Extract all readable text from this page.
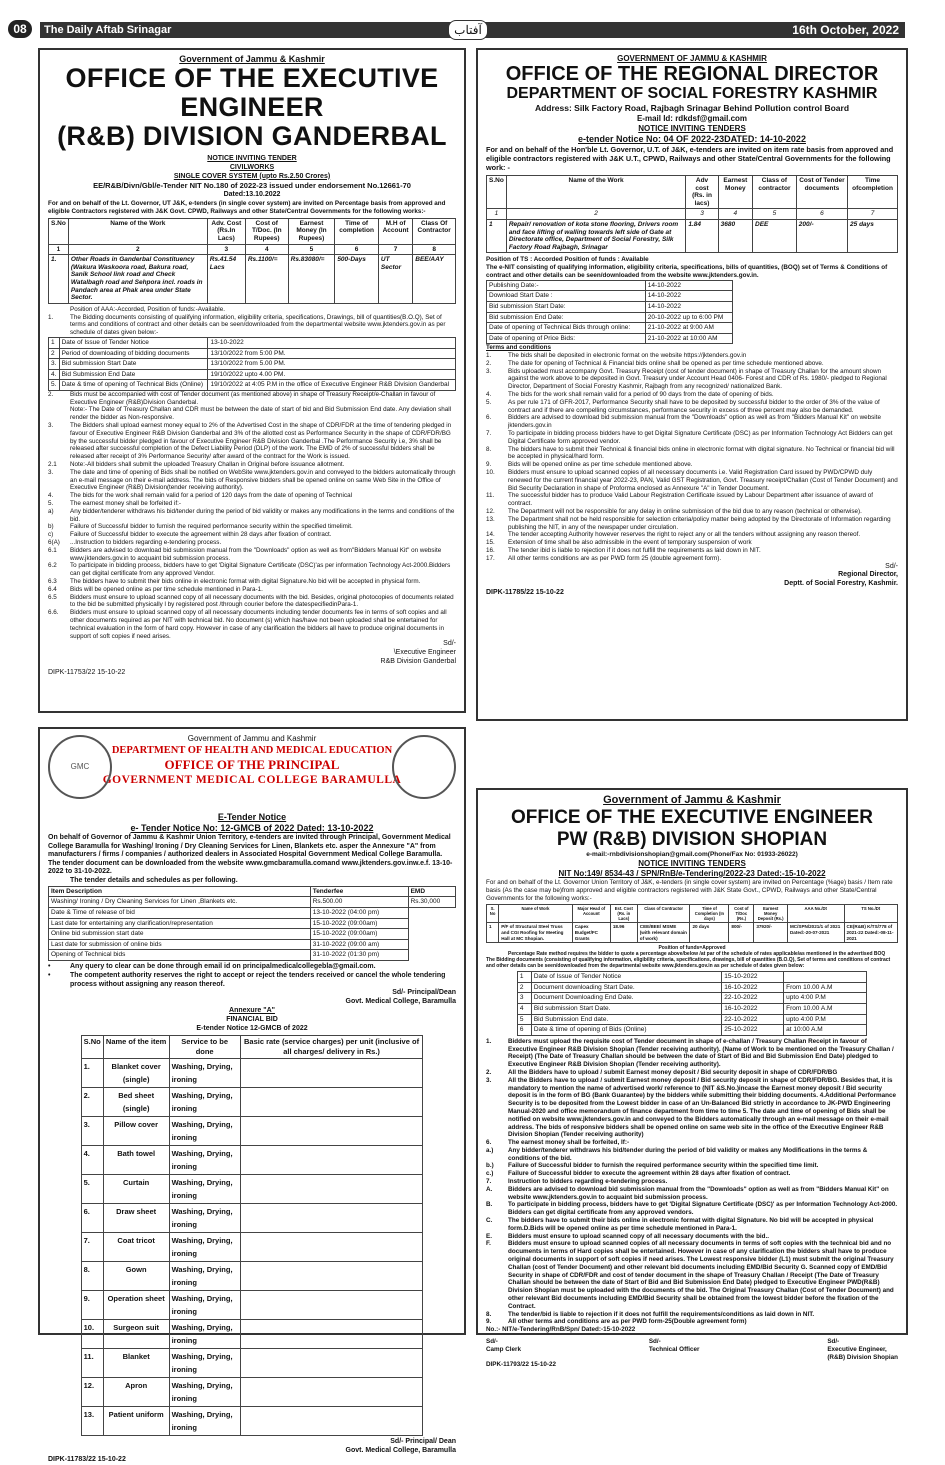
08	The Daily Aftab Srinagar	آفتاب	16th October, 2022
Government of Jammu & Kashmir
OFFICE OF THE EXECUTIVE ENGINEER
(R&B) DIVISION GANDERBAL
NOTICE INVITING TENDER
CIVILWORKS
SINGLE COVER SYSTEM (upto Rs.2.50 Crores)
EE/R&B/Divn/Gbl/e-Tender NIT No.180 of 2022-23 issued under endorsement No.12661-70
Dated:13.10.2022
For and on behalf of the Lt. Governor, UT J&K, e-tenders (in single cover system) are invited on Percentage basis from approved and eligible Contractors registered with J&K Govt. CPWD, Railways and other State/Central Governments for the following works:-
S.No	Name of the Work	Adv. Cost (Rs.In Lacs)	Cost of T/Doc. (In Rupees)	Earnest Money (In Rupees)	Time of completion	M.H of Account	Class Of Contractor
1	2	3	4	5	6	7	8
1.	Other Roads in Ganderbal Constituency (Wakura Waskoora road, Bakura road, Sanik School link road and Check Watalbagh road and Sehpora incl. roads in Pandach area at Phak area under State Sector.	Rs.41.54 Lacs	Rs.1100/=	Rs.83080/=	500-Days	UT Sector	BEE/AAY
Position of AAA:-Accorded, Position of funds:-Available.
1.	The Bidding documents consisting of qualifying information, eligibility criteria, specifications, Drawings, bill of quantities(B.O.Q), Set of terms and conditions of contract and other details can be seen/downloaded from the departmental website www.jktenders.gov.in as per schedule of dates given below:-
1	Date of Issue of Tender Notice	13-10-2022
2	Period of downloading of bidding documents	13/10/2022 from 5:00 PM.
3.	Bid submission Start Date	13/10/2022 from 5.00 PM.
4.	Bid Submission End Date	19/10/2022 upto 4.00 PM.
5.	Date & time of opening of Technical Bids (Online)	19/10/2022 at 4:05 P.M in the office of Executive Engineer R&B Division Ganderbal
2.	Bids must be accompanied with cost of Tender document (as mentioned above) in shape of Treasury Receipt/e-Challan in favour of Executive Engineer (R&B)Division Ganderbal.
Note:- The Date of Treasury Challan and CDR must be between the date of start of bid and Bid Submission End date. Any deviation shall render the bidder as Non-responsive.
3.	The Bidders shall upload earnest money equal to 2% of the Advertised Cost in the shape of CDR/FDR at the time of tendering pledged in favour of Executive Engineer R&B Division Ganderbal and 3% of the allotted cost as Performance Security in the shape of CDR/FDR/BG by the successful bidder pledged in favour of Executive Engineer R&B Division Ganderbal .The Performance Security i.e, 3% shall be released after successful completion of the Defect Liability Period (DLP) of the work. The EMD of 2% of successful bidders shall be released after receipt of 3% Performance Security/ after award of the contract for the Work is issued.
2.1	Note:-All bidders shall submit the uploaded Treasury Challan in Original before issuance allotment.
3.	The date and time of opening of Bids shall be notified on WebSite www.jktenders.gov.in and conveyed to the bidders automatically through an e-mail message on their e-mail address. The bids of Responsive bidders shall be opened online on same Web Site in the Office of Executive Engineer (R&B) Division(tender receiving authority).
4.	The bids for the work shall remain valid for a period of 120 days from the date of opening of Technical
5.	The earnest money shall be forfeited if:-
a)	Any bidder/tenderer withdraws his bid/tender during the period of bid validity or makes any modifications in the terms and conditions of the bid.
b)	Failure of Successful bidder to furnish the required performance security within the specified timelimit.
c)	Failure of Successful bidder to execute the agreement within 28 days after fixation of contract.
6(A)	...Instruction to bidders regarding e-tendering process.
6.1	Bidders are advised to download bid submission manual from the "Downloads" option as well as from"Bidders Manual Kit" on website www.jktenders.gov.in to acquaint bid submission process.
6.2	To participate in bidding process, bidders have to get 'Digital Signature Certificate (DSC)'as per information Technology Act-2000.Bidders can get digital certificate from any approved Vendor.
6.3	The bidders have to submit their bids online in electronic format with digital Signature.No bid will be accepted in physical form.
6.4	Bids will be opened online as per time schedule mentioned in Para-1.
6.5	Bidders must ensure to upload scanned copy of all necessary documents with the bid. Besides, original photocopies of documents related to the bid be submitted physically l by registered post /through courier before the datespecifiedinPara-1.
6.6.	Bidders must ensure to upload scanned copy of all necessary documents including tender documents fee in terms of soft copies and all other documents required as per NIT with technical bid. No document (s) which has/have not been uploaded shall be entertained for technical evaluation in the form of hard copy. However in case of any clarification the bidders all have to produce original documents in support of soft copies if need arises.
Sd/-
\Executive Engineer
R&B Division Ganderbal
DIPK-11753/22 15-10-22
GOVERNMENT OF JAMMU & KASHMIR
OFFICE OF THE REGIONAL DIRECTOR
DEPARTMENT OF SOCIAL FORESTRY KASHMIR
Address: Silk Factory Road, Rajbagh Srinagar Behind Pollution control Board
E-mail Id: rdkdsf@gmail.com
NOTICE INVITING TENDERS
e-tender Notice No: 04 OF 2022-23DATED: 14-10-2022
For and on behalf of the Hon'ble Lt. Governor, U.T. of J&K, e-tenders are invited on item rate basis from approved and eligible contractors registered with J&K U.T., CPWD, Railways and other State/Central Governments for the following work: -
S.No	Name of the Work	Adv cost (Rs. in lacs)	Earnest Money	Class of contractor	Cost of Tender documents	Time ofcompletion
1	2	3	4	5	6	7
1	Repair/ renovation of kota stone flooring, Drivers room and face lifting of walling towards left side of Gate at Directorate office, Department of Social Forestry, Silk Factory Road Rajbagh, Srinagar	1.84	3680	DEE	200/-	25 days
Position of TS : Accorded Position of funds : Available
The e-NIT consisting of qualifying information, eligibility criteria, specifications, bills of quantities, (BOQ) set of Terms & Conditions of contract and other details can be seen/downloaded from the website www.jktenders.gov.in.
Publishing Date:-	14-10-2022
Download Start Date :	14-10-2022
Bid submission Start Date:	14-10-2022
Bid submission End Date:	20-10-2022 up to 6:00 PM
Date of opening of Technical Bids through online:	21-10-2022 at 9:00 AM
Date of opening of Price Bids:	21-10-2022 at 10:00 AM
Terms and conditions
1.	The bids shall be deposited in electronic format on the website https://jktenders.gov.in
2.	The date for opening of Technical & Financial bids online shall be opened as per time schedule mentioned above.
3.	Bids uploaded must accompany Govt. Treasury Receipt (cost of tender document) in shape of Treasury Challan for the amount shown against the work above to be deposited in Govt. Treasury under Account Head 0406- Forest and CDR of Rs. 1980/- pledged to Regional Director, Department of Social Forestry Kashmir, Rajbagh from any recognized/ nationalized Bank.
4.	The bids for the work shall remain valid for a period of 90 days from the date of opening of bids.
5.	As per rule 171 of GFR-2017, Performance Security shall have to be deposited by successful bidder to the order of 3% of the value of contract and if there are compelling circumstances, performance security in excess of three percent may also be demanded.
6.	Bidders are advised to download bid submission manual from the "Downloads" option as well as from "Bidders Manual Kit" on website jktenders.gov.in
7.	To participate in bidding process bidders have to get Digital Signature Certificate (DSC) as per Information Technology Act Bidders can get Digital Certificate form approved vendor.
8.	The bidders have to submit their Technical & financial bids online in electronic format with digital signature. No Technical or financial bid will be accepted in physical/hard form.
9.	Bids will be opened online as per time schedule mentioned above.
10.	Bidders must ensure to upload scanned copies of all necessary documents i.e. Valid Registration Card issued by PWD/CPWD duly renewed for the current financial year 2022-23, PAN, Valid GST Registration, Govt. Treasury receipt/Challan (Cost of Tender Document) and Bid Security Declaration in shape of Proforma enclosed as Annexure "A" in Tender Document.
11.	The successful bidder has to produce Valid Labour Registration Certificate issued by Labour Department after issuance of award of contract.
12.	The Department will not be responsible for any delay in online submission of the bid due to any reason (technical or otherwise).
13.	The Department shall not be held responsible for selection criteria/policy matter being adopted by the Directorate of Information regarding publishing the NIT, in any of the newspaper under circulation.
14.	The tender accepting Authority however reserves the right to reject any or all the tenders without assigning any reason thereof.
15.	Extension of time shall be also admissible in the event of temporary suspension of work
16.	The tender ibid is liable to rejection if it does not fulfill the requirements as laid down in NIT.
17.	All other terms conditions are as per PWD form 25 (double agreement form).
Sd/-
Regional Director,
Deptt. of Social Forestry, Kashmir.
DIPK-11785/22 15-10-22
GMC
Government of Jammu and Kashmir
DEPARTMENT OF HEALTH AND MEDICAL EDUCATION
OFFICE OF THE PRINCIPAL
GOVERNMENT MEDICAL COLLEGE BARAMULLA
E-Tender Notice
e- Tender Notice No: 12-GMCB of 2022 Dated: 13-10-2022
On behalf of Governor of Jammu & Kashmir Union Territory, e-tenders are invited through Principal, Government Medical College Baramulla for Washing/ Ironing / Dry Cleaning Services for Linen, Blankets etc. asper the Annexure "A" from manufacturers / firms / companies / authorized dealers in Associated Hospital Government Medical College Baramulla. The tender document can be downloaded from the website www.gmcbaramulla.comand www.jktenders.gov.inw.e.f. 13-10-2022 to 31-10-2022.
The tender details and schedules as per following.
Item Description	Tenderfee	EMD
Washing/ Ironing / Dry Cleaning Services for Linen ,Blankets etc.	Rs.500.00	Rs.30,000
Date & Time of release of bid	13-10-2022 (04:00 pm)	
Last date for entertaining any clarification/representation	15-10-2022 (09:00am)	
Online bid submission start date	15-10-2022 (09:00am)	
Last date for submission of online bids	31-10-2022 (09:00 am)	
Opening of Technical bids	31-10-2022 (01:30 pm)	
•	Any query to clear can be done through email id on principalmedicalcollegebla@gmail.com.
•	The competent authority reserves the right to accept or reject the tenders received or cancel the whole tendering process without assigning any reason thereof.
Sd/- Principal/Dean
Govt. Medical College, Baramulla
Annexure "A"
FINANCIAL BID
E-tender Notice 12-GMCB of 2022
S.No	Name of the item	Service to be done	Basic rate (service charges) per unit (inclusive of all charges/ delivery in Rs.)
1.	Blanket cover (single)	Washing, Drying, ironing	
2.	Bed sheet (single)	Washing, Drying, ironing	
3.	Pillow cover	Washing, Drying, ironing	
4.	Bath towel	Washing, Drying, ironing	
5.	Curtain	Washing, Drying, ironing	
6.	Draw sheet	Washing, Drying, ironing	
7.	Coat tricot	Washing, Drying, ironing	
8.	Gown	Washing, Drying, ironing	
9.	Operation sheet	Washing, Drying, ironing	
10.	Surgeon suit	Washing, Drying, ironing	
11.	Blanket	Washing, Drying, ironing	
12.	Apron	Washing, Drying, ironing	
13.	Patient uniform	Washing, Drying, ironing	
Sd/- Principal/ Dean
Govt. Medical College, Baramulla
DIPK-11783/22 15-10-22
Government of Jammu & Kashmir
OFFICE OF THE EXECUTIVE ENGINEER
PW (R&B) DIVISION SHOPIAN
e-mail:-rnbdivisionshopian@gmail.com(Phone/Fax No: 01933-26022)
NOTICE INVITING TENDERS
NIT No:149/ 8534-43 / SPN/RnB/e-Tendering/2022-23 Dated:-15-10-2022
For and on behalf of the Lt. Governor Union Territory of J&K, e-tenders (in single cover system) are invited on Percentage (%age) basis / Item rate basis (As the case may be)from approved and eligible contractors registered with J&K State Govt., CPWD, Railways and other State/Central Governments for the following works:-
S. No	Name of Work	Major Head of Account	Est. Cost (Rs. in Lacs)	Class of Contractor	Time of Completion (In days)	Cost of T/Doc (Rs.)	Earnest Money Deposit (Rs.)	AAA No./Dt	TS No./Dt
1	P/F of Structural Steel Truss and CGI Roofing for Meeting Hall at MC Shopian.	Capex Budget/FC Grants	18.96	CEE/BEE/ MSME (with relevant domain of work)	20 days	800/-	37920/-	MC/SPN/2021/1 of 2021 Dated:-20-07-2021	CE(R&B) K/TS/778 of 2021-22 Dated:-08-11-2021
Position of funds=Approved
Percentage Rate method requires the bidder to quote a percentage above/below /at par of the schedule of rates applicable/as mentioned in the advertised BOQ
The Bidding documents (consisting of qualifying information, eligibility criteria, specifications, drawings, bill of quantities (B.O.Q), Set of terms and conditions of contract and other details can be seen/downloaded from the departmental website www.jktenders.gov.in as per schedule of dates given below:
1	Date of Issue of Tender Notice	15-10-2022	
2	Document downloading Start Date.	16-10-2022	From 10.00 A.M
3	Document Downloading End Date.	22-10-2022	upto 4:00 P.M
4	Bid submission Start Date.	16-10-2022	From 10.00 A.M
5	Bid Submission End date.	22-10-2022	upto 4:00 P.M
6	Date & time of opening of Bids (Online)	25-10-2022	at 10:00 A.M
1.	Bidders must upload the requisite cost of Tender document in shape of e-challan / Treasury Challan Receipt in favour of Executive Engineer R&B Division Shopian (Tender receiving authority). (Name of Work to be mentioned on the Treasury Challan / Receipt) (The Date of Treasury Challan should be between the date of Start of Bid and Bid Submission End Date) pledged to Executive Engineer R&B Division Shopian (Tender receiving authority).
2.	All the Bidders have to upload / submit Earnest money deposit / Bid security deposit in shape of CDR/FDR/BG
3.	All the Bidders have to upload / submit Earnest money deposit / Bid security deposit in shape of CDR/FDR/BG. Besides that, it is mandatory to mention the name of advertised work/ reference to (NIT &S.No.)incase the Earnest money deposit / Bid security deposit is in the form of BG (Bank Guarantee) by the bidders while submitting their bidding documents. 4.Additional Performance Security is to be deposited from the Lowest bidder in case of an Un-Balanced Bid strictly in accordance to JK-PWD Engineering Manual-2020 and office memorandum of finance department from time to time 5. The date and time of opening of Bids shall be notified on website www.jktenders.gov.in and conveyed to the Bidders automatically through an e-mail message on their e-mail address. The bids of responsive bidders shall be opened online on same web site in the office of the Executive Engineer R&B Division Shopian (Tender receiving authority)
6.	The earnest money shall be forfeited, If:-
a.)	Any bidder/tenderer withdraws his bid/tender during the period of bid validity or makes any Modifications in the terms & conditions of the bid.
b.)	Failure of Successful bidder to furnish the required performance security within the specified time limit.
c.)	Failure of Successful bidder to execute the agreement within 28 days after fixation of contract.
7.	Instruction to bidders regarding e-tendering process.
A.	Bidders are advised to download bid submission manual from the "Downloads" option as well as from "Bidders Manual Kit" on website www.jktenders.gov.in to acquaint bid submission process.
B.	To participate in bidding process, bidders have to get 'Digital Signature Certificate (DSC)' as per Information Technology Act-2000. Bidders can get digital certificate from any approved vendors.
C.	The bidders have to submit their bids online in electronic format with digital Signature. No bid will be accepted in physical form.D.Bids will be opened online as per time schedule mentioned in Para-1.
E.	Bidders must ensure to upload scanned copy of all necessary documents with the bid..
F.	Bidders must ensure to upload scanned copies of all necessary documents in terms of soft copies with the technical bid and no documents in terms of Hard copies shall be entertained. However in case of any clarification the bidders shall have to produce original documents in support of soft copies if need arises. The Lowest responsive bidder (L1) must submit the original Treasury Challan (cost of Tender Document) and other relevant bid documents including EMD/Bid Security G. Scanned copy of EMD/Bid Security in shape of CDR/FDR and cost of tender document in the shape of Treasury Challan / Receipt (The Date of Treasury Challan should be between the date of Start of Bid and Bid Submission End Date) pledged to Executive Engineer PWD(R&B) Division Shopian must be uploaded with the documents of the bid. The Original Treasury Challan (Cost of Tender Document) and other relevant Bid documents including EMD/Bid Security shall be obtained from the lowest bidder before the fixation of the Contract.
8.	The tender/bid is liable to rejection if it does not fulfill the requirements/conditions as laid down in NIT.
9.	All other terms and conditions are as per PWD form-25(Double agreement form)
No.:- NIT/e-Tendering/RnB/Spn/ Dated:-15-10-2022
Sd/-
Camp Clerk
Sd/-
Technical Officer
Sd/-
Executive Engineer,
(R&B) Division Shopian
DIPK-11793/22 15-10-22
